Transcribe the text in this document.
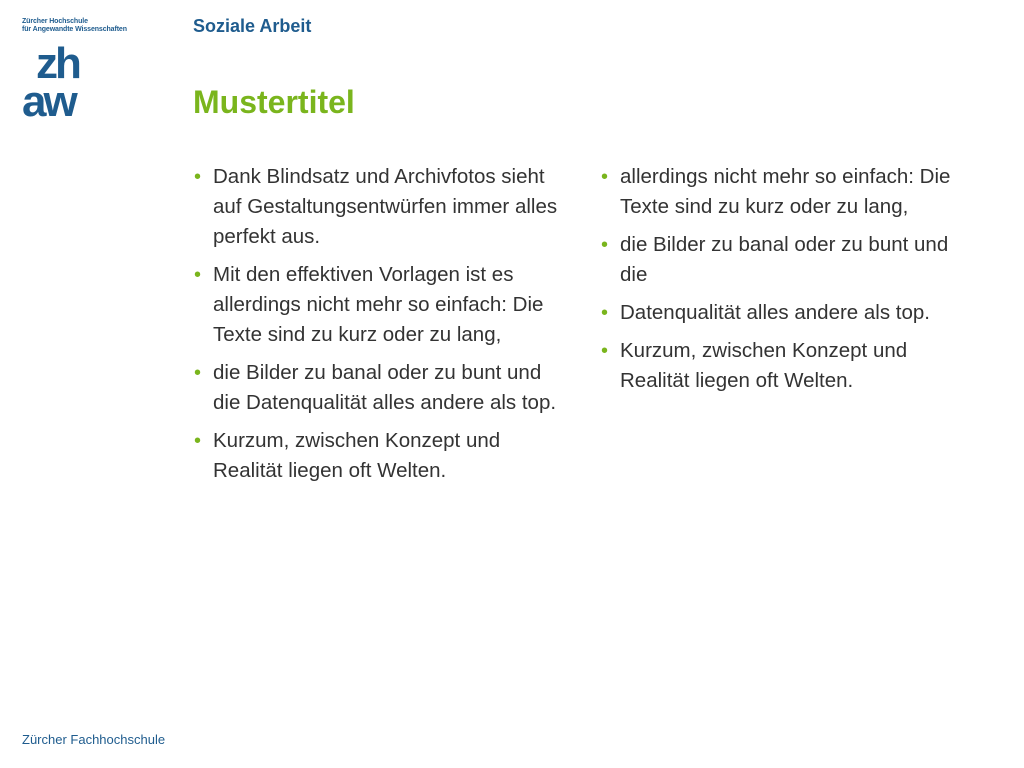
Zürcher Hochschule
für Angewandte Wissenschaften
zh
aw
Soziale Arbeit
Mustertitel
• Dank Blindsatz und Archivfotos sieht auf Gestaltungsentwürfen immer alles perfekt aus.
• Mit den effektiven Vorlagen ist es allerdings nicht mehr so einfach: Die Texte sind zu kurz oder zu lang,
• die Bilder zu banal oder zu bunt und die Datenqualität alles andere als top.
• Kurzum, zwischen Konzept und Realität liegen oft Welten.
• allerdings nicht mehr so einfach: Die Texte sind zu kurz oder zu lang,
• die Bilder zu banal oder zu bunt und die
• Datenqualität alles andere als top.
• Kurzum, zwischen Konzept und Realität liegen oft Welten.
Zürcher Fachhochschule
